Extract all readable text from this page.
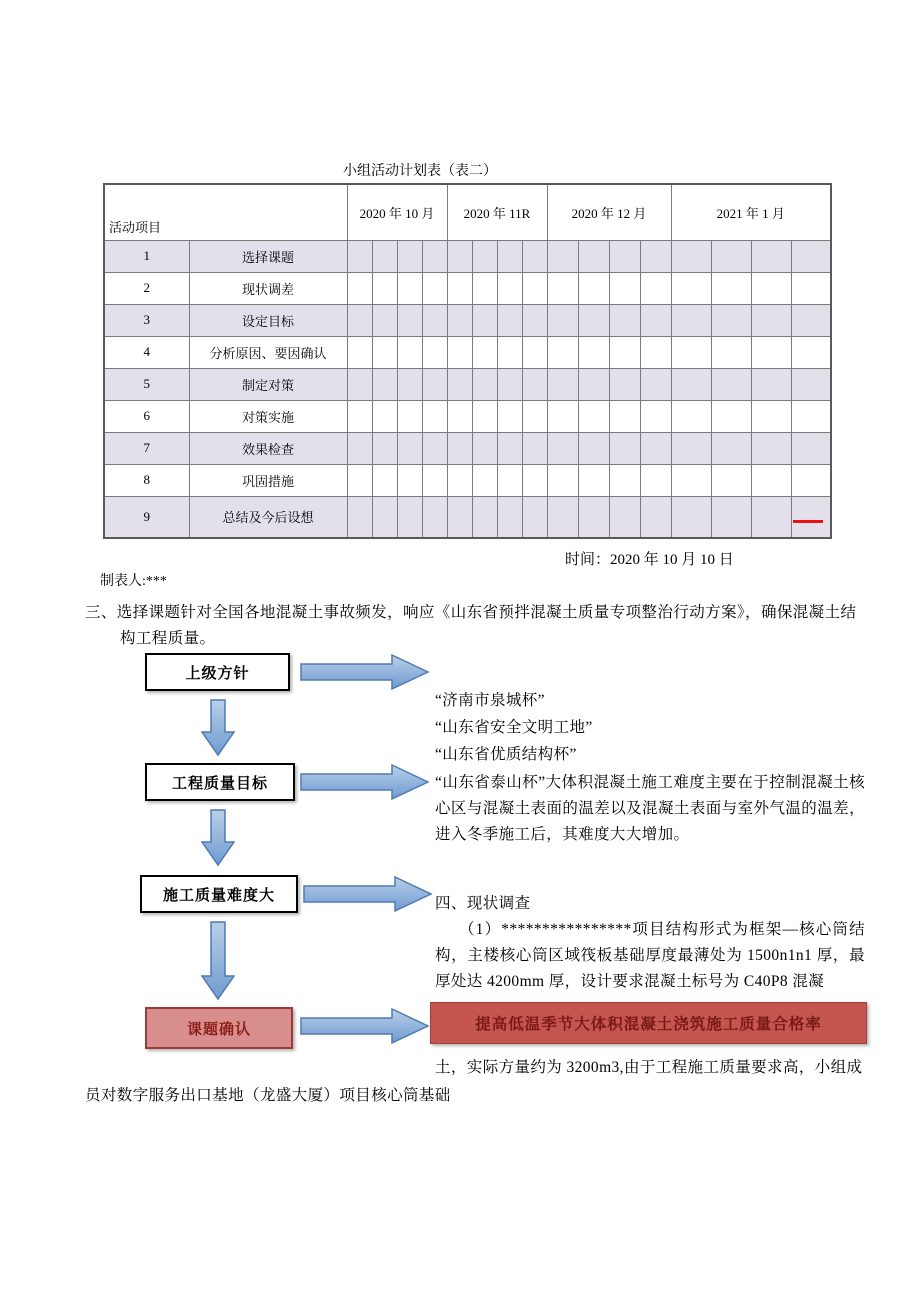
小组活动计划表（表二）
活动项目		2020 年 10 月				2020 年 11R				2020 年 12 月				2021 年 1 月			
1	选择课题																
2	现状调差																
3	设定目标																
4	分析原因、要因确认																
5	制定对策																
6	对策实施																
7	效果检查																
8	巩固措施																
9	总结及今后设想																
时间：2020 年 10 月 10 日
制表人:***
三、选择课题针对全国各地混凝土事故频发，响应《山东省预拌混凝土质量专项整治行动方案》，确保混凝土结
构工程质量。
上级方针
工程质量目标
施工质量难度大
课题确认
“济南市泉城杯”
“山东省安全文明工地”
“山东省优质结构杯”
“山东省泰山杯”大体积混凝土施工难度主要在于控制混凝土核心区与混凝土表面的温差以及混凝土表面与室外气温的温差，进入冬季施工后，其难度大大增加。
四、现状调查
（1）****************项目结构形式为框架—核心筒结构，主楼核心筒区域筏板基础厚度最薄处为 1500n1n1 厚，最厚处达 4200mm 厚，设计要求混凝土标号为 C40P8 混凝
提高低温季节大体积混凝土浇筑施工质量合格率
土，实际方量约为 3200m3,由于工程施工质量要求高，小组成
员对数字服务出口基地（龙盛大厦）项目核心筒基础
